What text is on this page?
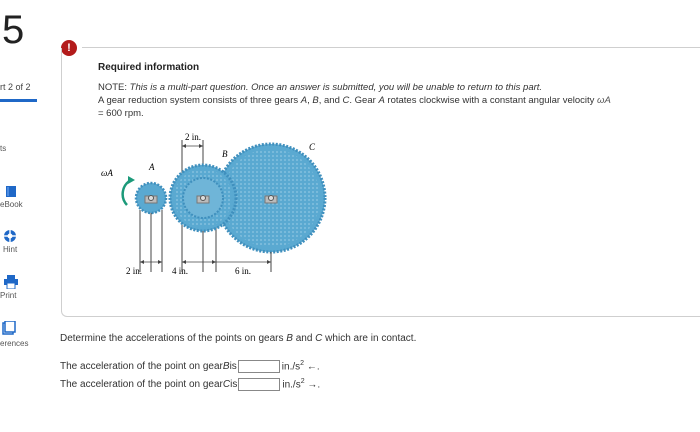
5
rt 2 of 2
ts
eBook
Hint
Print
erences
!
Required information
NOTE: This is a multi-part question. Once an answer is submitted, you will be unable to return to this part.
A gear reduction system consists of three gears A, B, and C. Gear A rotates clockwise with a constant angular velocity ωA
= 600 rpm.
2 in.
A
B
C
ωA
2 in.	4 in.	6 in.
Determine the accelerations of the points on gears B and C which are in contact.
The acceleration of the point on gear B is	$in./s^2$ ←.
The acceleration of the point on gear C is	$in./s^2$ →.
